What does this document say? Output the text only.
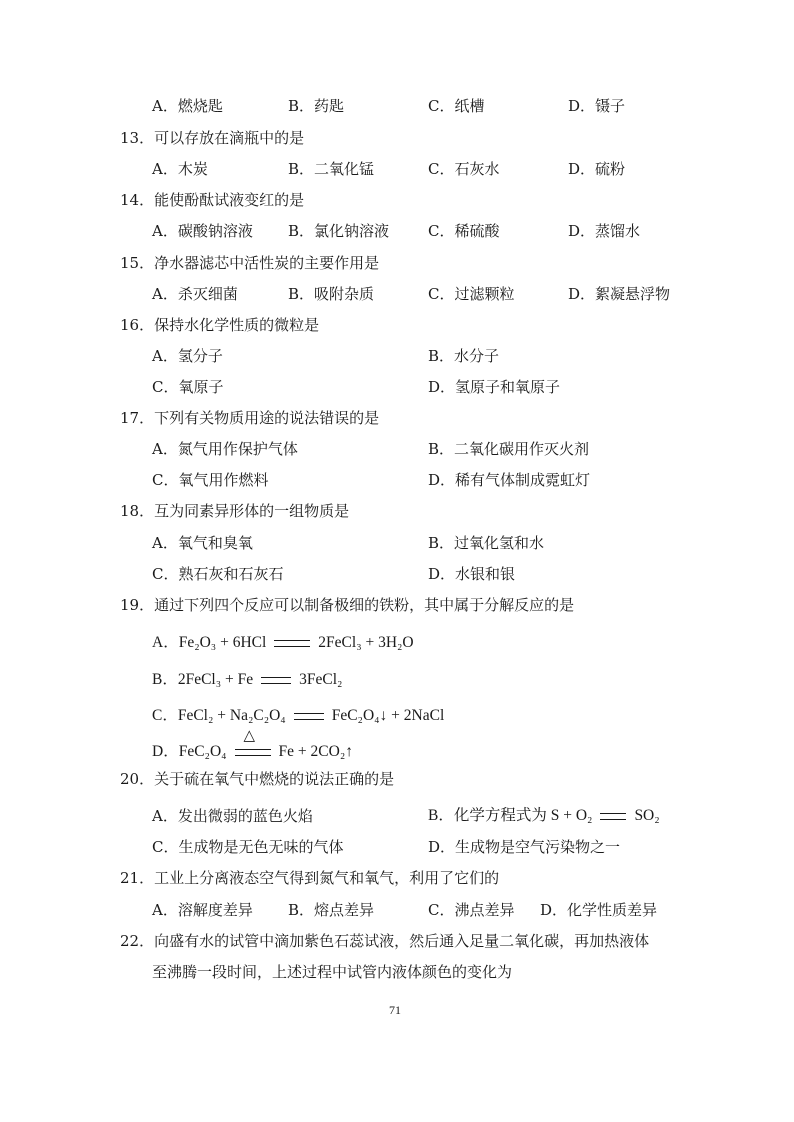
A．燃烧匙	B．药匙	C．纸槽	D．镊子
13．可以存放在滴瓶中的是
A．木炭	B．二氧化锰	C．石灰水	D．硫粉
14．能使酚酞试液变红的是
A．碳酸钠溶液 B．氯化钠溶液	C．稀硫酸	D．蒸馏水
15．净水器滤芯中活性炭的主要作用是
A．杀灭细菌	B．吸附杂质	C．过滤颗粒	D．絮凝悬浮物
16．保持水化学性质的微粒是
A．氢分子	B．水分子
C．氧原子	D．氢原子和氧原子
17．下列有关物质用途的说法错误的是
A．氮气用作保护气体	B．二氧化碳用作灭火剂
C．氧气用作燃料	D．稀有气体制成霓虹灯
18．互为同素异形体的一组物质是
A．氧气和臭氧	B．过氧化氢和水
C．熟石灰和石灰石	D．水银和银
19．通过下列四个反应可以制备极细的铁粉，其中属于分解反应的是
A．Fe₂O₃ + 6HCl	2FeCl₃ + 3H₂O
B．2FeCl₃ + Fe	3FeCl₂
C．FeCl₂ + Na₂C₂O₄	FeC₂O₄↓ + 2NaCl
D．FeC₂O₄
△
Fe + 2CO₂↑
20．关于硫在氧气中燃烧的说法正确的是
A．发出微弱的蓝色火焰	B．化学方程式为 S + O₂	SO₂
C．生成物是无色无味的气体	D．生成物是空气污染物之一
21．工业上分离液态空气得到氮气和氧气，利用了它们的
A．溶解度差异 B．熔点差异	C．沸点差异 D．化学性质差异
22．向盛有水的试管中滴加紫色石蕊试液，然后通入足量二氧化碳，再加热液体
至沸腾一段时间，上述过程中试管内液体颜色的变化为
71
